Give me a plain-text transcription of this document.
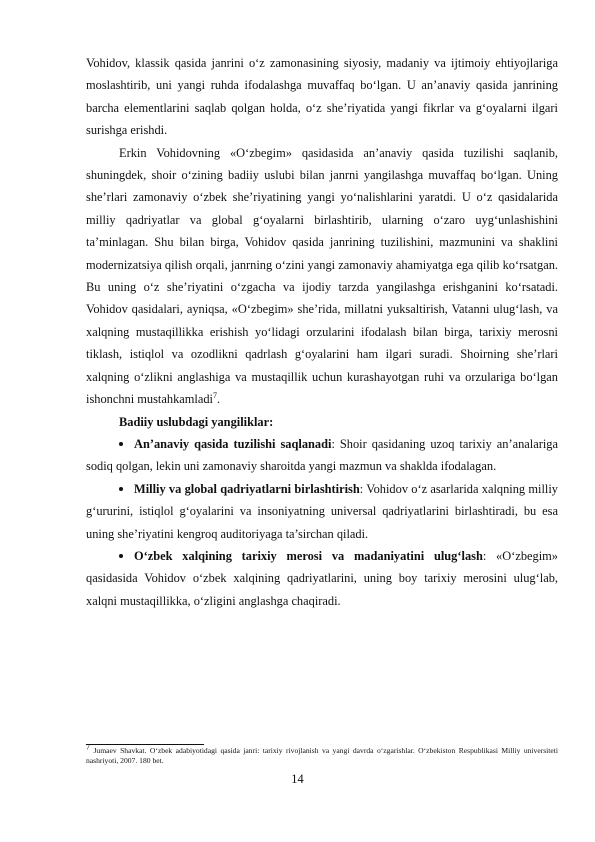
Vohidov, klassik qasida janrini o‘z zamonasining siyosiy, madaniy va ijtimoiy ehtiyojlariga moslashtirib, uni yangi ruhda ifodalashga muvaffaq bo‘lgan. U an’anaviy qasida janrining barcha elementlarini saqlab qolgan holda, o‘z she’riyatida yangi fikrlar va g‘oyalarni ilgari surishga erishdi.

Erkin Vohidovning «O‘zbegim» qasidasida an’anaviy qasida tuzilishi saqlanib, shuningdek, shoir o‘zining badiiy uslubi bilan janrni yangilashga muvaffaq bo‘lgan. Uning she’rlari zamonaviy o‘zbek she’riyatining yangi yo‘nalishlarini yaratdi. U o‘z qasidalarida milliy qadriyatlar va global g‘oyalarni birlashtirib, ularning o‘zaro uyg‘unlashishini ta’minlagan. Shu bilan birga, Vohidov qasida janrining tuzilishini, mazmunini va shaklini modernizatsiya qilish orqali, janrning o‘zini yangi zamonaviy ahamiyatga ega qilib ko‘rsatgan. Bu uning o‘z she’riyatini o‘zgacha va ijodiy tarzda yangilashga erishganini ko‘rsatadi. Vohidov qasidalari, ayniqsa, «O‘zbegim» she’rida, millatni yuksaltirish, Vatanni ulug‘lash, va xalqning mustaqillikka erishish yo‘lidagi orzularini ifodalash bilan birga, tarixiy merosni tiklash, istiqlol va ozodlikni qadrlash g‘oyalarini ham ilgari suradi. Shoirning she’rlari xalqning o‘zlikni anglashiga va mustaqillik uchun kurashayotgan ruhi va orzulariga bo‘lgan ishonchni mustahkamladi$^7$.

Badiiy uslubdagi yangiliklar:

An’anaviy qasida tuzilishi saqlanadi: Shoir qasidaning uzoq tarixiy an’analariga sodiq qolgan, lekin uni zamonaviy sharoitda yangi mazmun va shaklda ifodalagan.

Milliy va global qadriyatlarni birlashtirish: Vohidov o‘z asarlarida xalqning milliy g‘ururini, istiqlol g‘oyalarini va insoniyatning universal qadriyatlarini birlashtiradi, bu esa uning she’riyatini kengroq auditoriyaga ta’sirchan qiladi.

O‘zbek xalqining tarixiy merosi va madaniyatini ulug‘lash: «O‘zbegim» qasidasida Vohidov o‘zbek xalqining qadriyatlarini, uning boy tarixiy merosini ulug‘lab, xalqni mustaqillikka, o‘zligini anglashga chaqiradi.

$^7$ Jumaev Shavkat. O‘zbek adabiyotidagi qasida janri: tarixiy rivojlanish va yangi davrda o‘zgarishlar. O‘zbekiston Respublikasi Milliy universiteti nashriyoti, 2007. 180 bet.
14
